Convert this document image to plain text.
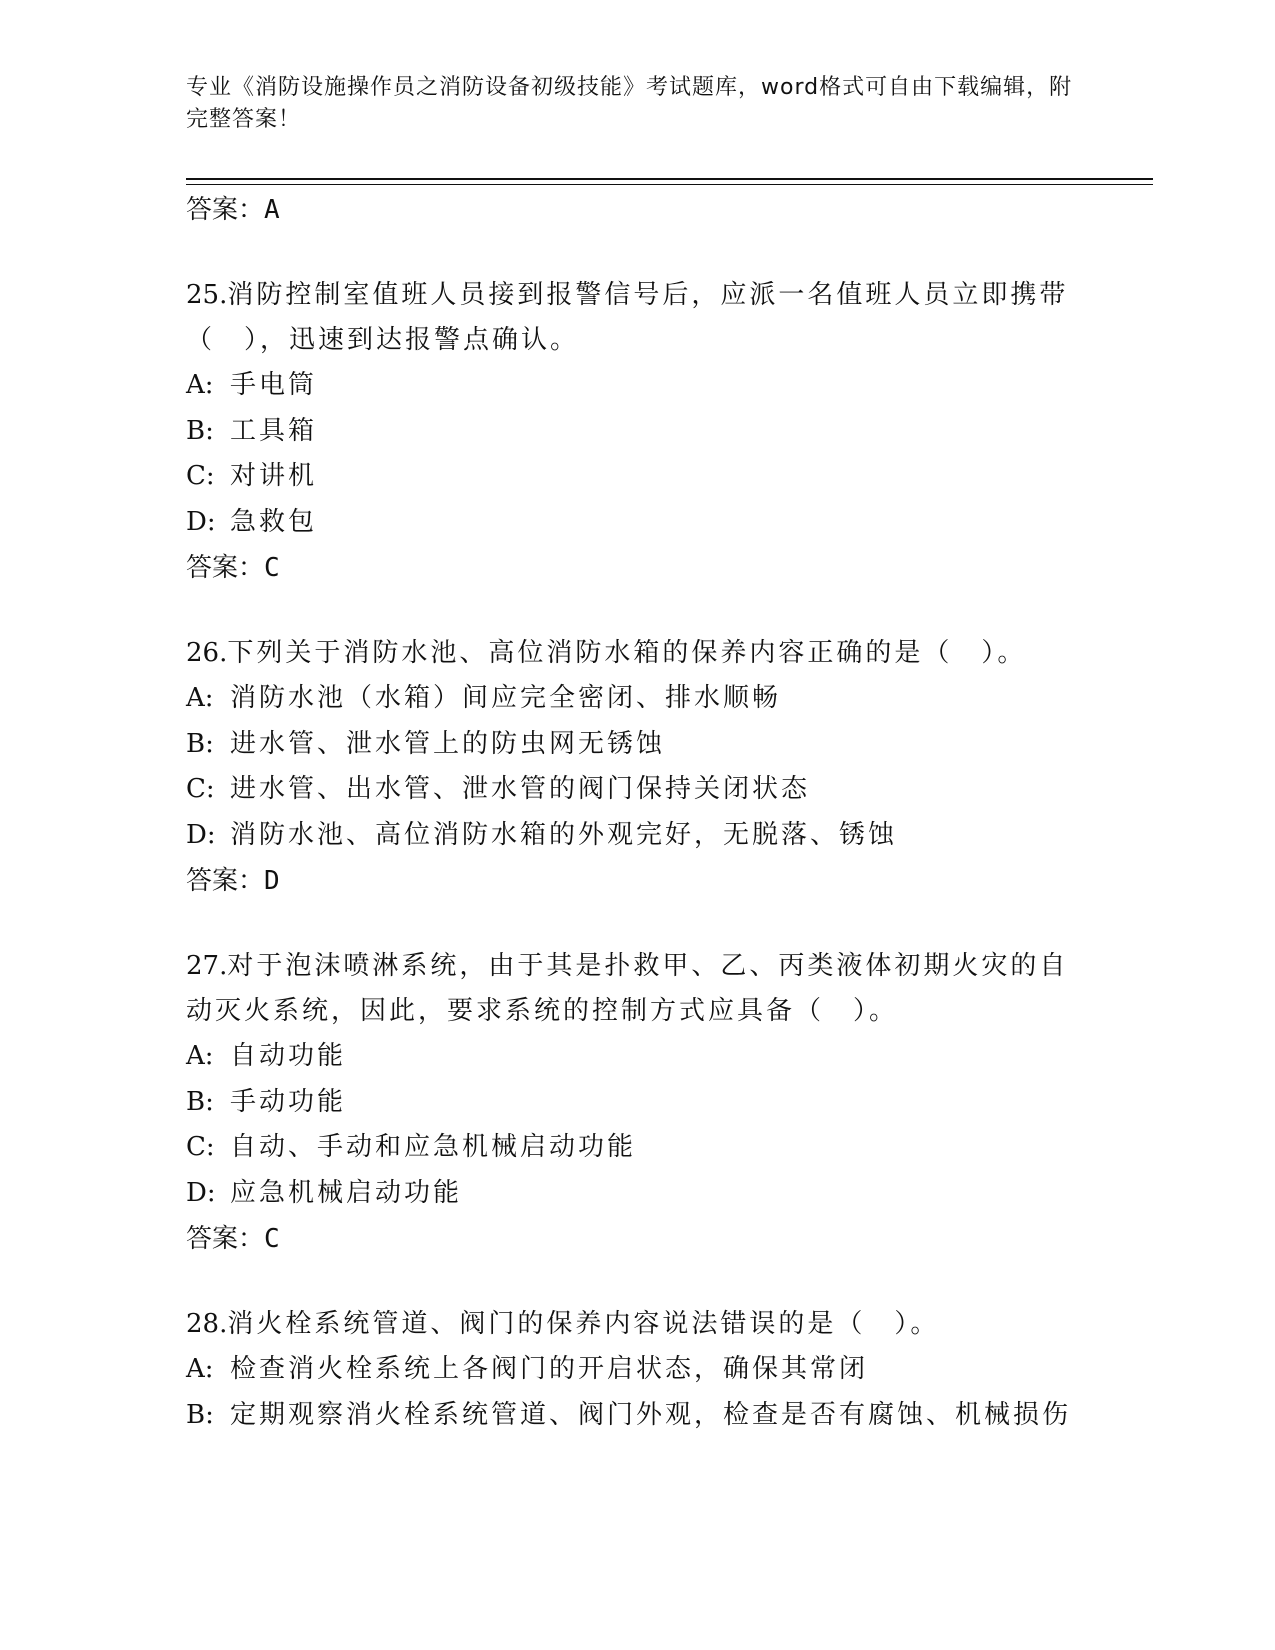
专业《消防设施操作员之消防设备初级技能》考试题库，word格式可自由下载编辑，附完整答案！
答案：A
25.消防控制室值班人员接到报警信号后，应派一名值班人员立即携带（　），迅速到达报警点确认。
A: 手电筒
B: 工具箱
C: 对讲机
D: 急救包
答案：C
26.下列关于消防水池、高位消防水箱的保养内容正确的是（　）。
A: 消防水池（水箱）间应完全密闭、排水顺畅
B: 进水管、泄水管上的防虫网无锈蚀
C: 进水管、出水管、泄水管的阀门保持关闭状态
D: 消防水池、高位消防水箱的外观完好，无脱落、锈蚀
答案：D
27.对于泡沫喷淋系统，由于其是扑救甲、乙、丙类液体初期火灾的自动灭火系统，因此，要求系统的控制方式应具备（　）。
A: 自动功能
B: 手动功能
C: 自动、手动和应急机械启动功能
D: 应急机械启动功能
答案：C
28.消火栓系统管道、阀门的保养内容说法错误的是（　）。
A: 检查消火栓系统上各阀门的开启状态，确保其常闭
B: 定期观察消火栓系统管道、阀门外观，检查是否有腐蚀、机械损伤
